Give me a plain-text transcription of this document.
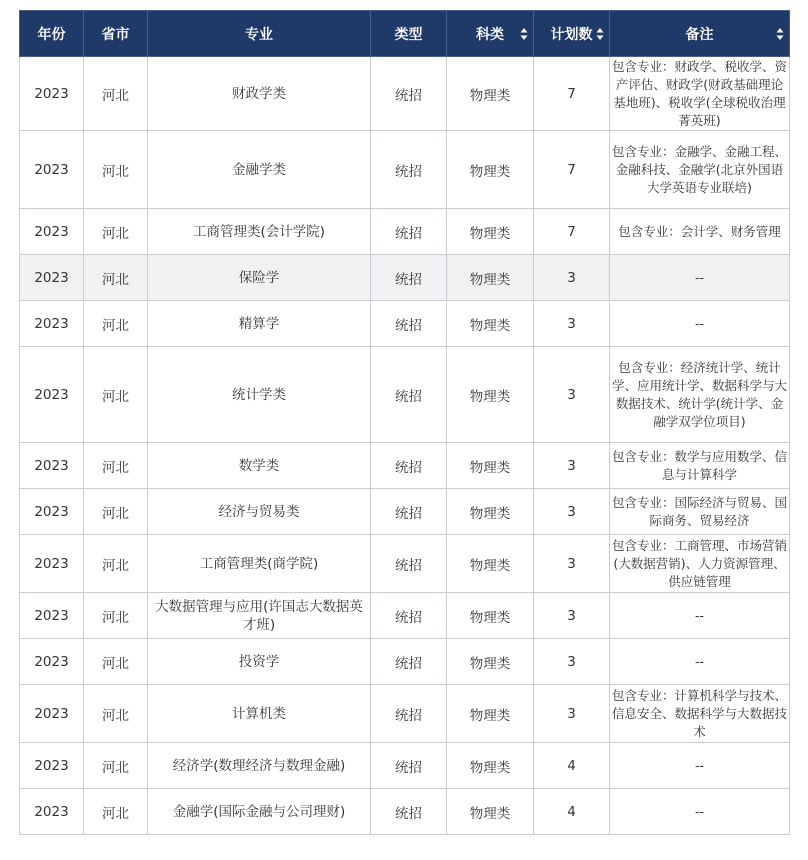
年份	省市	专业	类型	科类	计划数	备注

2023	河北	财政学类	统招	物理类	7	包含专业：财政学、税收学、资产评估、财政学(财政基础理论基地班)、税收学(全球税收治理菁英班)
2023	河北	金融学类	统招	物理类	7	包含专业：金融学、金融工程、金融科技、金融学(北京外国语大学英语专业联培)
2023	河北	工商管理类(会计学院)	统招	物理类	7	包含专业：会计学、财务管理
2023	河北	保险学	统招	物理类	3	--
2023	河北	精算学	统招	物理类	3	--
2023	河北	统计学类	统招	物理类	3	包含专业：经济统计学、统计学、应用统计学、数据科学与大数据技术、统计学(统计学、金融学双学位项目)
2023	河北	数学类	统招	物理类	3	包含专业：数学与应用数学、信息与计算科学
2023	河北	经济与贸易类	统招	物理类	3	包含专业：国际经济与贸易、国际商务、贸易经济
2023	河北	工商管理类(商学院)	统招	物理类	3	包含专业：工商管理、市场营销(大数据营销)、人力资源管理、供应链管理
2023	河北	大数据管理与应用(许国志大数据英才班)	统招	物理类	3	--
2023	河北	投资学	统招	物理类	3	--
2023	河北	计算机类	统招	物理类	3	包含专业：计算机科学与技术、信息安全、数据科学与大数据技术
2023	河北	经济学(数理经济与数理金融)	统招	物理类	4	--
2023	河北	金融学(国际金融与公司理财)	统招	物理类	4	--
